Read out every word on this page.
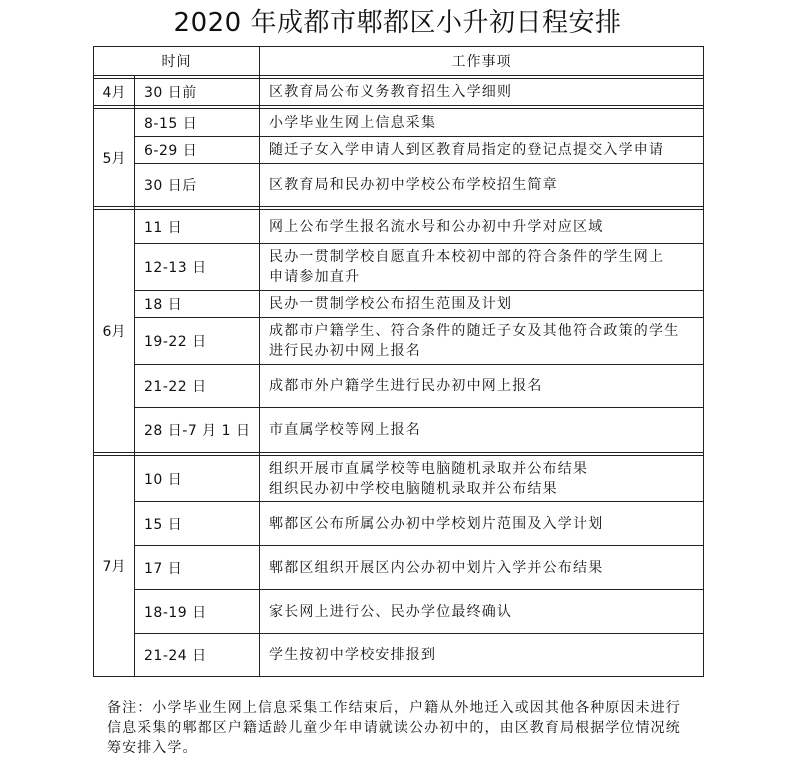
2020 年成都市郫都区小升初日程安排
时间		工作事项

4月	30 日前	区教育局公布义务教育招生入学细则

5月	8-15 日	小学毕业生网上信息采集
	6-29 日	随迁子女入学申请人到区教育局指定的登记点提交入学申请
	30 日后	区教育局和民办初中学校公布学校招生简章

6月	11 日	网上公布学生报名流水号和公办初中升学对应区域
	12-13 日	民办一贯制学校自愿直升本校初中部的符合条件的学生网上
申请参加直升

	18 日	民办一贯制学校公布招生范围及计划
	19-22 日	成都市户籍学生、符合条件的随迁子女及其他符合政策的学生
进行民办初中网上报名

	21-22 日	成都市外户籍学生进行民办初中网上报名
	28 日-7 月 1 日	市直属学校等网上报名

7月	10 日	组织开展市直属学校等电脑随机录取并公布结果
组织民办初中学校电脑随机录取并公布结果

	15 日	郫都区公布所属公办初中学校划片范围及入学计划
	17 日	郫都区组织开展区内公办初中划片入学并公布结果
	18-19 日	家长网上进行公、民办学位最终确认
	21-24 日	学生按初中学校安排报到
备注：小学毕业生网上信息采集工作结束后，户籍从外地迁入或因其他各种原因未进行信息采集的郫都区户籍适龄儿童少年申请就读公办初中的，由区教育局根据学位情况统筹安排入学。
